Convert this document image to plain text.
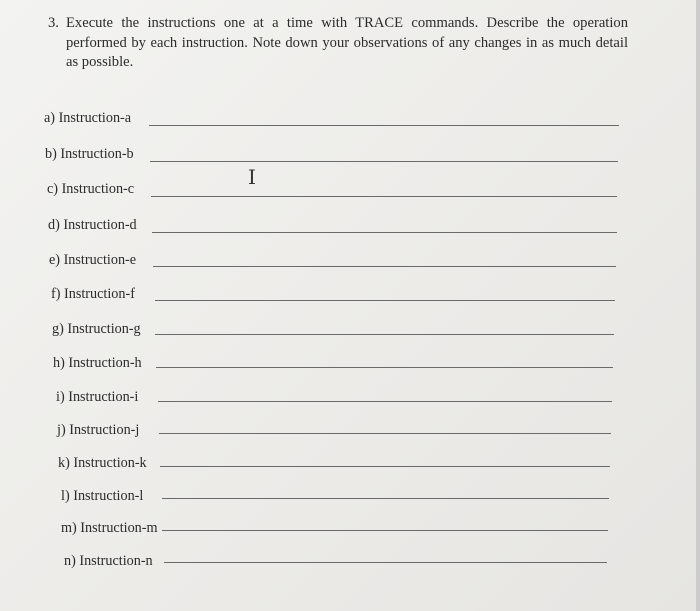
3. Execute the instructions one at a time with TRACE commands. Describe the operation performed by each instruction. Note down your observations of any changes in as much detail as possible.
I
a) Instruction-a
b) Instruction-b
c) Instruction-c
d) Instruction-d
e) Instruction-e
f) Instruction-f
g) Instruction-g
h) Instruction-h
i) Instruction-i
j) Instruction-j
k) Instruction-k
l) Instruction-l
m) Instruction-m
n) Instruction-n
